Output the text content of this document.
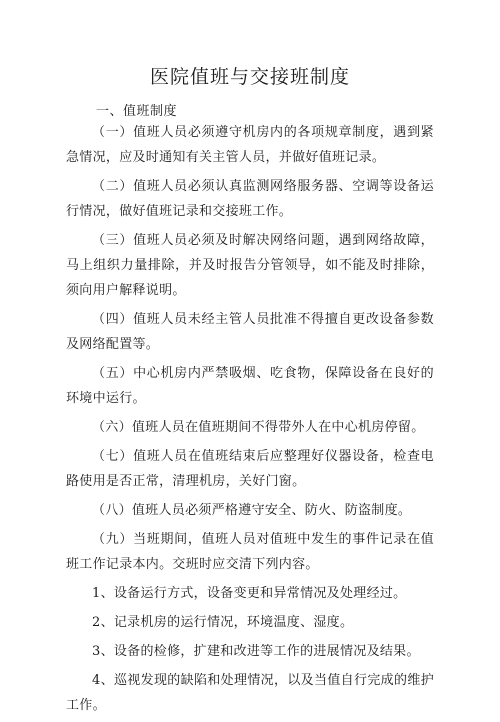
医院值班与交接班制度
一、值班制度

（一）值班人员必须遵守机房内的各项规章制度，遇到紧急情况，应及时通知有关主管人员，并做好值班记录。

（二）值班人员必须认真监测网络服务器、空调等设备运行情况，做好值班记录和交接班工作。

（三）值班人员必须及时解决网络问题，遇到网络故障，马上组织力量排除，并及时报告分管领导，如不能及时排除，须向用户解释说明。

（四）值班人员未经主管人员批准不得擅自更改设备参数及网络配置等。

（五）中心机房内严禁吸烟、吃食物，保障设备在良好的环境中运行。

（六）值班人员在值班期间不得带外人在中心机房停留。

（七）值班人员在值班结束后应整理好仪器设备，检查电路使用是否正常，清理机房，关好门窗。

（八）值班人员必须严格遵守安全、防火、防盗制度。

（九）当班期间，值班人员对值班中发生的事件记录在值班工作记录本内。交班时应交清下列内容。

1、设备运行方式，设备变更和异常情况及处理经过。

2、记录机房的运行情况，环境温度、湿度。

3、设备的检修，扩建和改进等工作的进展情况及结果。

4、巡视发现的缺陷和处理情况，以及当值自行完成的维护工作。
